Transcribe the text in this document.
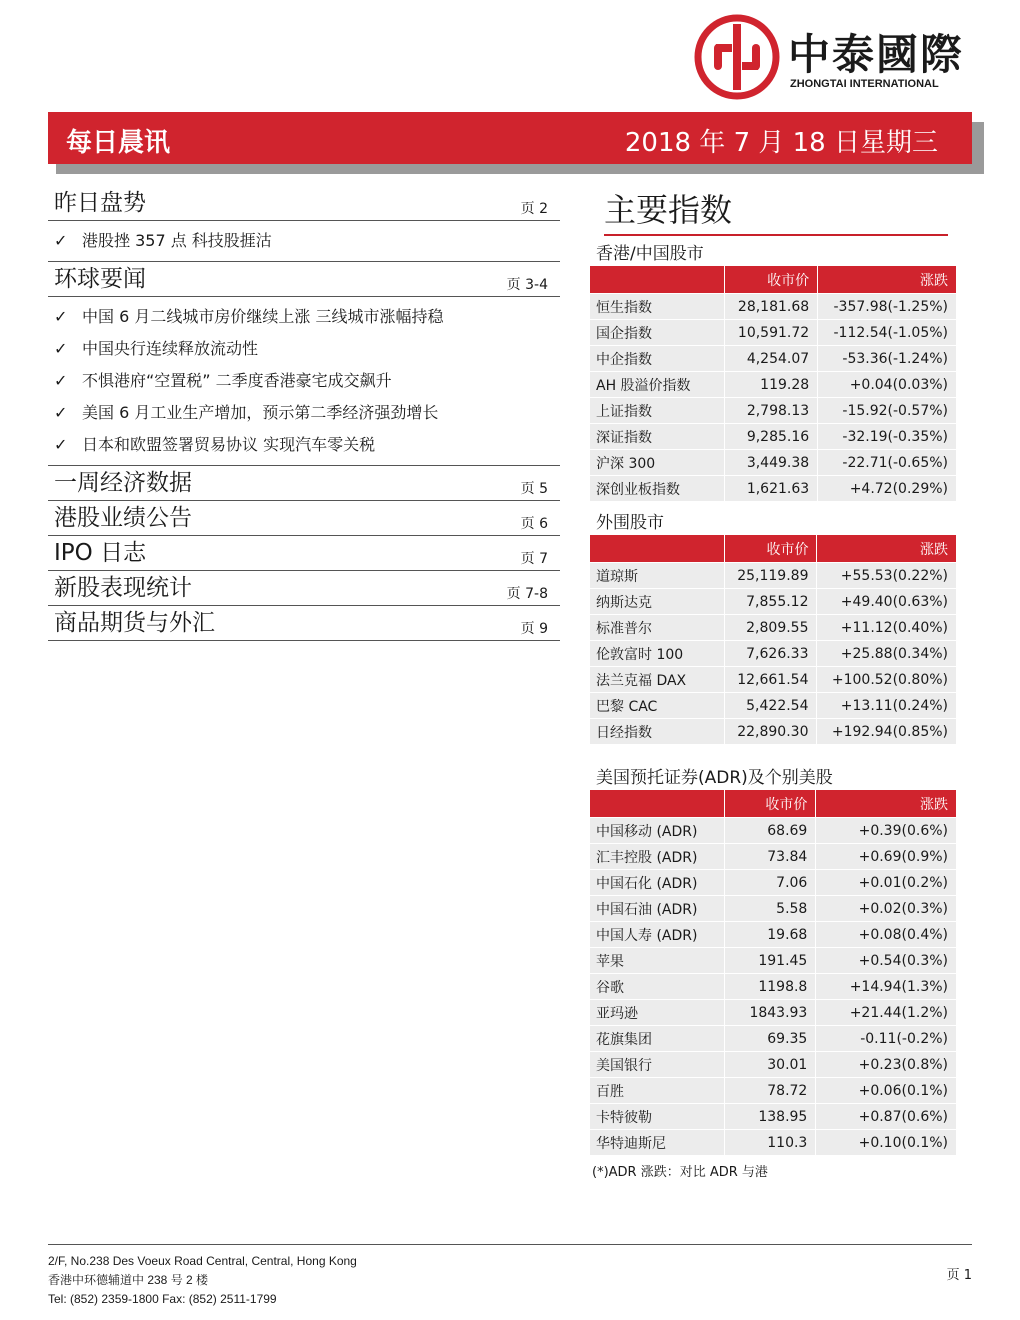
中泰國際
ZHONGTAI INTERNATIONAL
每日晨讯	2018 年 7 月 18 日星期三
昨日盘势	页 2
✓ 港股挫 357 点 科技股捱沽
环球要闻	页 3-4
✓ 中国 6 月二线城市房价继续上涨 三线城市涨幅持稳
✓ 中国央行连续释放流动性
✓ 不惧港府“空置税” 二季度香港豪宅成交飙升
✓ 美国 6 月工业生产增加，预示第二季经济强劲增长
✓ 日本和欧盟签署贸易协议 实现汽车零关税
一周经济数据	页 5
港股业绩公告	页 6
IPO 日志	页 7
新股表现统计	页 7-8
商品期货与外汇	页 9
主要指数
香港/中国股市
	收市价	涨跌
恒生指数	28,181.68	-357.98(-1.25%)
国企指数	10,591.72	-112.54(-1.05%)
中企指数	4,254.07	-53.36(-1.24%)
AH 股溢价指数	119.28	+0.04(0.03%)
上证指数	2,798.13	-15.92(-0.57%)
深证指数	9,285.16	-32.19(-0.35%)
沪深 300	3,449.38	-22.71(-0.65%)
深创业板指数	1,621.63	+4.72(0.29%)
外围股市
	收市价	涨跌
道琼斯	25,119.89	+55.53(0.22%)
纳斯达克	7,855.12	+49.40(0.63%)
标准普尔	2,809.55	+11.12(0.40%)
伦敦富时 100	7,626.33	+25.88(0.34%)
法兰克福 DAX	12,661.54	+100.52(0.80%)
巴黎 CAC	5,422.54	+13.11(0.24%)
日经指数	22,890.30	+192.94(0.85%)
美国预托证券(ADR)及个别美股
	收市价	涨跌
中国移动 (ADR)	68.69	+0.39(0.6%)
汇丰控股 (ADR)	73.84	+0.69(0.9%)
中国石化 (ADR)	7.06	+0.01(0.2%)
中国石油 (ADR)	5.58	+0.02(0.3%)
中国人寿 (ADR)	19.68	+0.08(0.4%)
苹果	191.45	+0.54(0.3%)
谷歌	1198.8	+14.94(1.3%)
亚玛逊	1843.93	+21.44(1.2%)
花旗集团	69.35	-0.11(-0.2%)
美国银行	30.01	+0.23(0.8%)
百胜	78.72	+0.06(0.1%)
卡特彼勒	138.95	+0.87(0.6%)
华特迪斯尼	110.3	+0.10(0.1%)
(*)ADR 涨跌：对比 ADR 与港
2/F, No.238 Des Voeux Road Central, Central, Hong Kong
香港中环德辅道中 238 号 2 楼
Tel: (852) 2359-1800 Fax: (852) 2511-1799
页 1
